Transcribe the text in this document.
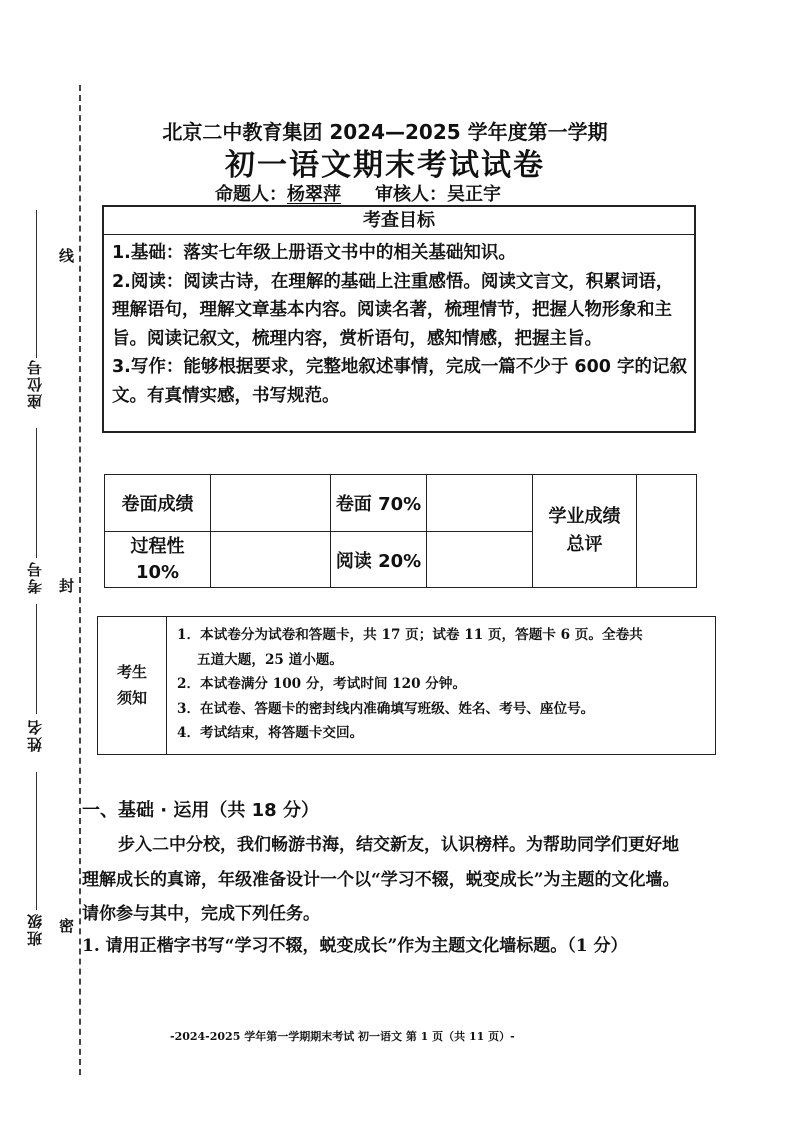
线
封
密
座位号
考号
姓名
班级
北京二中教育集团 2024—2025 学年度第一学期
初一语文期末考试试卷
命题人：杨翠萍 审核人：吴正宇
考查目标

1.基础：落实七年级上册语文书中的相关基础知识。

2.阅读：阅读古诗，在理解的基础上注重感悟。阅读文言文，积累词语，理解语句，理解文章基本内容。阅读名著，梳理情节，把握人物形象和主旨。阅读记叙文，梳理内容，赏析语句，感知情感，把握主旨。

3.写作：能够根据要求，完整地叙述事情，完成一篇不少于 600 字的记叙文。有真情实感，书写规范。

卷面成绩		卷面 70%		学业成绩 总评	
过程性 10%		阅读 20%			
考生 须知	

1．本试卷分为试卷和答题卡，共 17 页；试卷 11 页，答题卡 6 页。全卷共

五道大题，25 道小题。

2．本试卷满分 100 分，考试时间 120 分钟。

3．在试卷、答题卡的密封线内准确填写班级、姓名、考号、座位号。

4．考试结束，将答题卡交回。

一、基础 · 运用（共 18 分）

步入二中分校，我们畅游书海，结交新友，认识榜样。为帮助同学们更好地理解成长的真谛，年级准备设计一个以“学习不辍，蜕变成长”为主题的文化墙。请你参与其中，完成下列任务。

1. 请用正楷字书写“学习不辍，蜕变成长”作为主题文化墙标题。（1 分）
-2024-2025 学年第一学期期末考试 初一语文 第 1 页（共 11 页）-
